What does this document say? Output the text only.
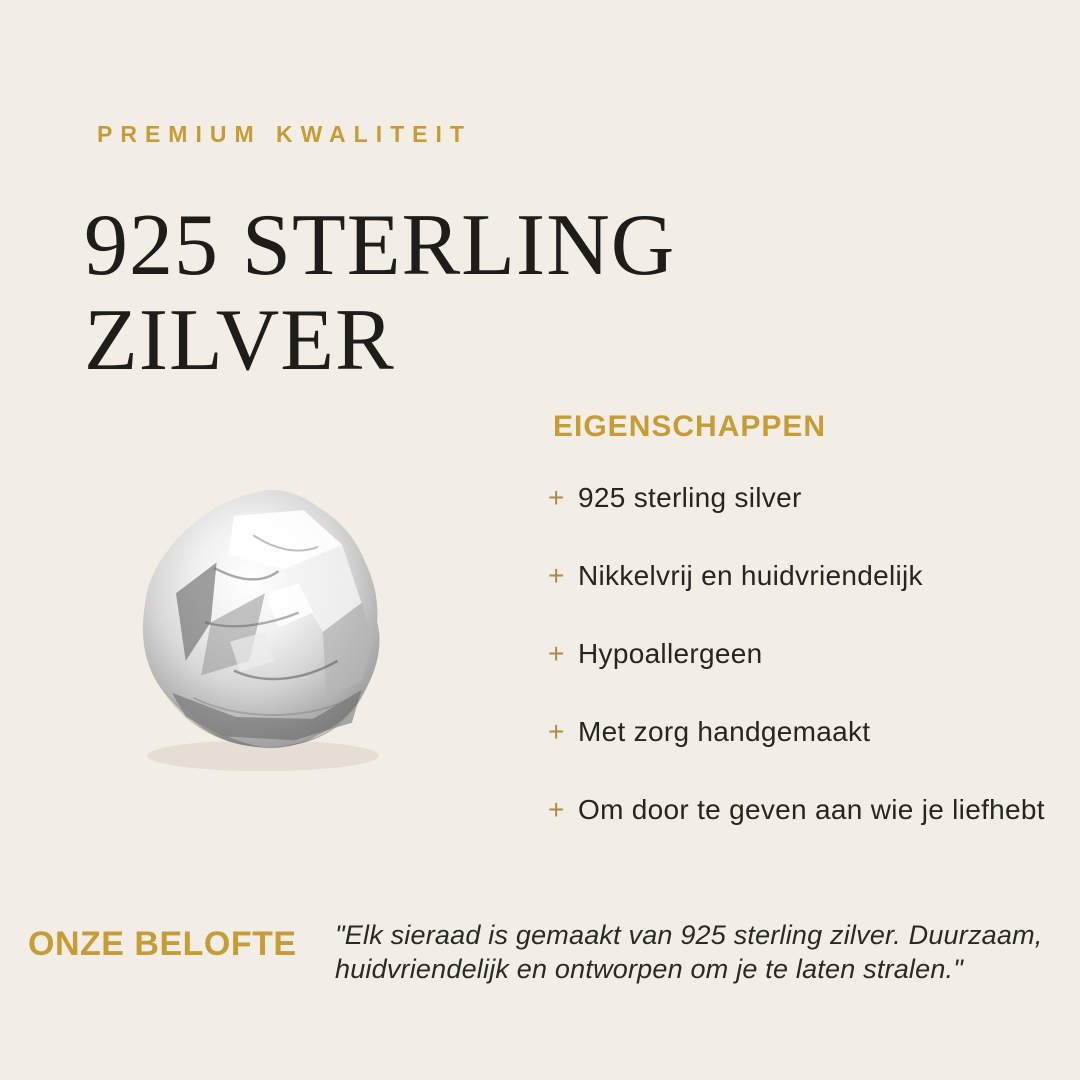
PREMIUM KWALITEIT
925 STERLING
ZILVER
EIGENSCHAPPEN
+ 925 sterling silver
+ Nikkelvrij en huidvriendelijk
+ Hypoallergeen
+ Met zorg handgemaakt
+ Om door te geven aan wie je liefhebt
ONZE BELOFTE	"Elk sieraad is gemaakt van 925 sterling zilver. Duurzaam, huidvriendelijk en ontworpen om je te laten stralen."
